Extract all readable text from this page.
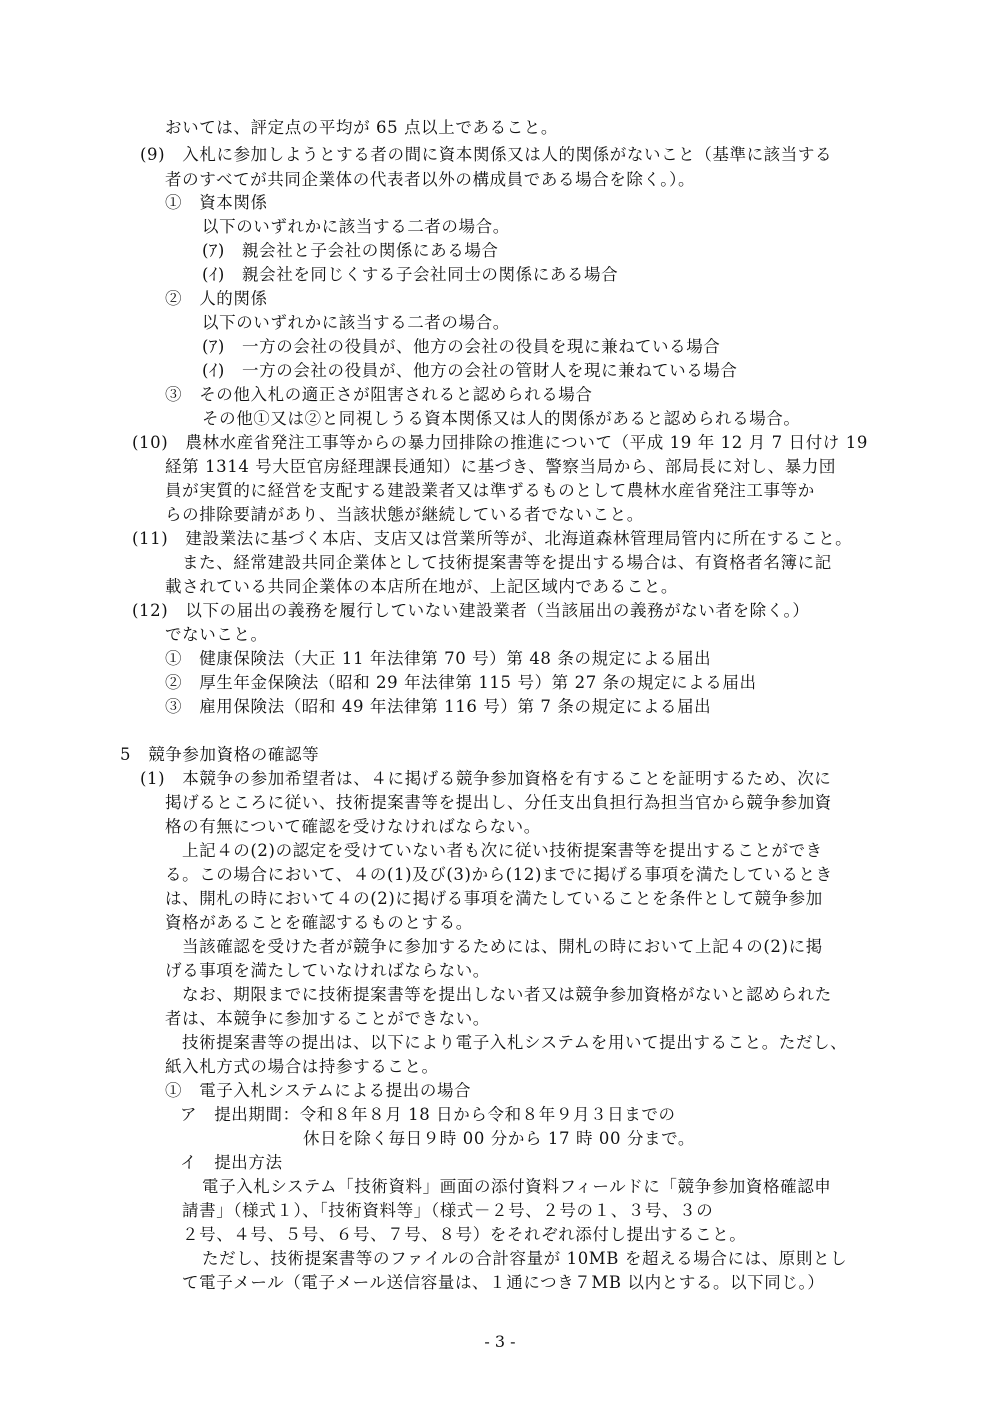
おいては、評定点の平均が 65 点以上であること。
(9)　入札に参加しようとする者の間に資本関係又は人的関係がないこと（基準に該当する
者のすべてが共同企業体の代表者以外の構成員である場合を除く。）。
①　資本関係
以下のいずれかに該当する二者の場合。
(ｱ)　親会社と子会社の関係にある場合
(ｲ)　親会社を同じくする子会社同士の関係にある場合
②　人的関係
以下のいずれかに該当する二者の場合。
(ｱ)　一方の会社の役員が、他方の会社の役員を現に兼ねている場合
(ｲ)　一方の会社の役員が、他方の会社の管財人を現に兼ねている場合
③　その他入札の適正さが阻害されると認められる場合
その他①又は②と同視しうる資本関係又は人的関係があると認められる場合。
(10)　農林水産省発注工事等からの暴力団排除の推進について（平成 19 年 12 月 7 日付け 19
経第 1314 号大臣官房経理課長通知）に基づき、警察当局から、部局長に対し、暴力団
員が実質的に経営を支配する建設業者又は準ずるものとして農林水産省発注工事等か
らの排除要請があり、当該状態が継続している者でないこと。
(11)　建設業法に基づく本店、支店又は営業所等が、北海道森林管理局管内に所在すること。
また、経常建設共同企業体として技術提案書等を提出する場合は、有資格者名簿に記
載されている共同企業体の本店所在地が、上記区域内であること。
(12)　以下の届出の義務を履行していない建設業者（当該届出の義務がない者を除く。）
でないこと。
①　健康保険法（大正 11 年法律第 70 号）第 48 条の規定による届出
②　厚生年金保険法（昭和 29 年法律第 115 号）第 27 条の規定による届出
③　雇用保険法（昭和 49 年法律第 116 号）第 7 条の規定による届出
5　競争参加資格の確認等
(1)　本競争の参加希望者は、４に掲げる競争参加資格を有することを証明するため、次に
掲げるところに従い、技術提案書等を提出し、分任支出負担行為担当官から競争参加資
格の有無について確認を受けなければならない。
上記４の(2)の認定を受けていない者も次に従い技術提案書等を提出することができ
る。この場合において、４の(1)及び(3)から(12)までに掲げる事項を満たしているとき
は、開札の時において４の(2)に掲げる事項を満たしていることを条件として競争参加
資格があることを確認するものとする。
当該確認を受けた者が競争に参加するためには、開札の時において上記４の(2)に掲
げる事項を満たしていなければならない。
なお、期限までに技術提案書等を提出しない者又は競争参加資格がないと認められた
者は、本競争に参加することができない。
技術提案書等の提出は、以下により電子入札システムを用いて提出すること。ただし、
紙入札方式の場合は持参すること。
①　電子入札システムによる提出の場合
ア　提出期間：令和８年８月 18 日から令和８年９月３日までの
休日を除く毎日９時 00 分から 17 時 00 分まで。
イ　提出方法
電子入札システム「技術資料」画面の添付資料フィールドに「競争参加資格確認申
請書」（様式１）、「技術資料等」（様式－２号、２号の１、３号、３の
２号、４号、５号、６号、７号、８号）をそれぞれ添付し提出すること。
ただし、技術提案書等のファイルの合計容量が 10MB を超える場合には、原則とし
て電子メール（電子メール送信容量は、１通につき７MB 以内とする。以下同じ。）
- 3 -
